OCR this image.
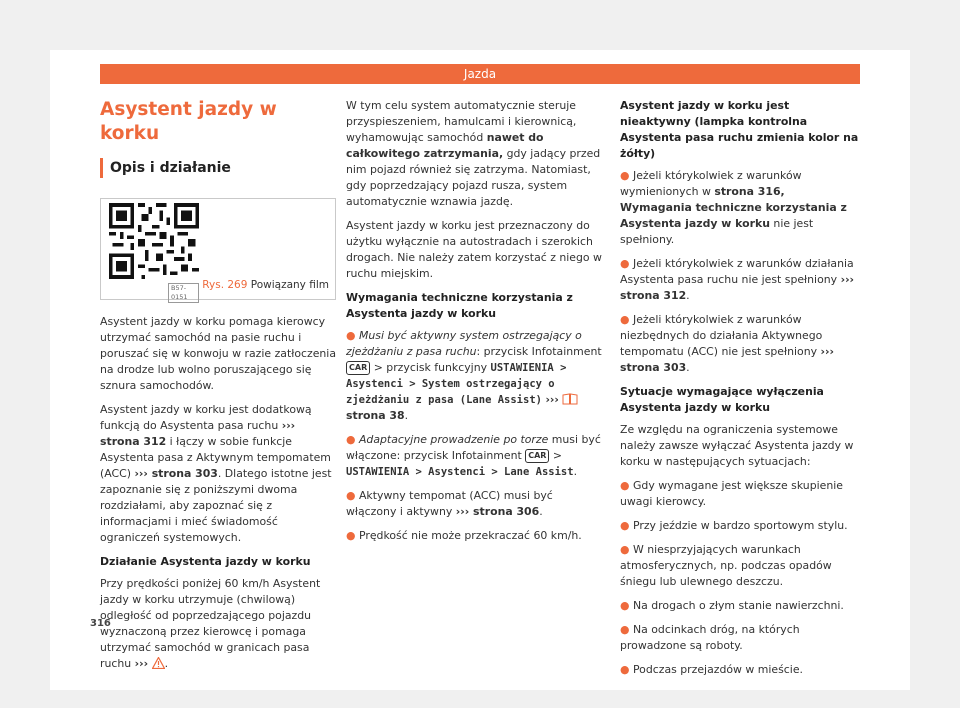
Jazda
Asystent jazdy w korku
Opis i działanie
B57-0151
Rys. 269 Powiązany film

Asystent jazdy w korku pomaga kierowcy utrzymać samochód na pasie ruchu i poruszać się w konwoju w razie zatłoczenia na drodze lub wolno poruszającego się sznura samochodów.

Asystent jazdy w korku jest dodatkową funkcją do Asystenta pasa ruchu ››› strona 312 i łączy w sobie funkcje Asystenta pasa z Aktywnym tempomatem (ACC) ››› strona 303. Dlatego istotne jest zapoznanie się z poniższymi dwoma rozdziałami, aby zapoznać się z informacjami i mieć świadomość ograniczeń systemowych.

Działanie Asystenta jazdy w korku

Przy prędkości poniżej 60 km/h Asystent jazdy w korku utrzymuje (chwilową) odległość od poprzedzającego pojazdu wyznaczoną przez kierowcę i pomaga utrzymać samochód w granicach pasa ruchu ››› .

W tym celu system automatycznie steruje przyspieszeniem, hamulcami i kierownicą, wyhamowując samochód nawet do całkowitego zatrzymania, gdy jadący przed nim pojazd również się zatrzyma. Natomiast, gdy poprzedzający pojazd rusza, system automatycznie wznawia jazdę.

Asystent jazdy w korku jest przeznaczony do użytku wyłącznie na autostradach i szerokich drogach. Nie należy zatem korzystać z niego w ruchu miejskim.

Wymagania techniczne korzystania z Asystenta jazdy w korku

● Musi być aktywny system ostrzegający o zjeżdżaniu z pasa ruchu: przycisk Infotainment CAR > przycisk funkcyjny USTAWIENIA > Asystenci > System ostrzegający o zjeżdżaniu z pasa (Lane Assist) ›››  strona 38.

● Adaptacyjne prowadzenie po torze musi być włączone: przycisk Infotainment CAR > USTAWIENIA > Asystenci > Lane Assist.

● Aktywny tempomat (ACC) musi być włączony i aktywny ››› strona 306.

● Prędkość nie może przekraczać 60 km/h.

Asystent jazdy w korku jest nieaktywny (lampka kontrolna Asystenta pasa ruchu zmienia kolor na żółty)

● Jeżeli którykolwiek z warunków wymienionych w strona 316, Wymagania techniczne korzystania z Asystenta jazdy w korku nie jest spełniony.

● Jeżeli którykolwiek z warunków działania Asystenta pasa ruchu nie jest spełniony ››› strona 312.

● Jeżeli którykolwiek z warunków niezbędnych do działania Aktywnego tempomatu (ACC) nie jest spełniony ››› strona 303.

Sytuacje wymagające wyłączenia Asystenta jazdy w korku

Ze względu na ograniczenia systemowe należy zawsze wyłączać Asystenta jazdy w korku w następujących sytuacjach:

● Gdy wymagane jest większe skupienie uwagi kierowcy.

● Przy jeździe w bardzo sportowym stylu.

● W niesprzyjających warunkach atmosferycznych, np. podczas opadów śniegu lub ulewnego deszczu.

● Na drogach o złym stanie nawierzchni.

● Na odcinkach dróg, na których prowadzone są roboty.

● Podczas przejazdów w mieście.

316
